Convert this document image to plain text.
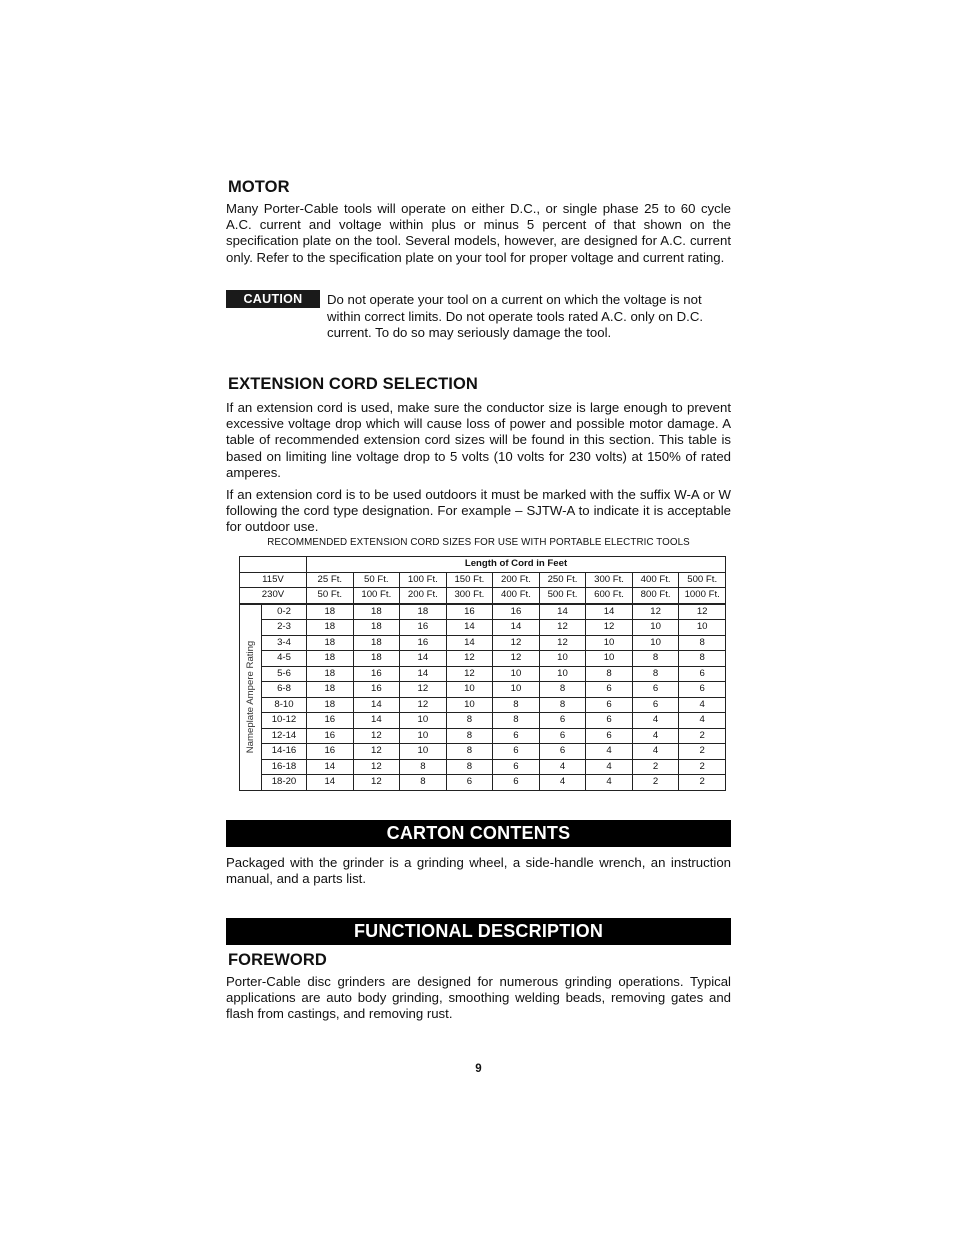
MOTOR

Many Porter-Cable tools will operate on either D.C., or single phase 25 to 60 cycle A.C. current and voltage within plus or minus 5 percent of that shown on the specification plate on the tool. Several models, however, are designed for A.C. current only. Refer to the specification plate on your tool for proper voltage and current rating.

CAUTION	Do not operate your tool on a current on which the voltage is not within correct limits. Do not operate tools rated A.C. only on D.C. current. To do so may seriously damage the tool.

EXTENSION CORD SELECTION

If an extension cord is used, make sure the conductor size is large enough to prevent excessive voltage drop which will cause loss of power and possible motor damage. A table of recommended extension cord sizes will be found in this section. This table is based on limiting line voltage drop to 5 volts (10 volts for 230 volts) at 150% of rated amperes.

If an extension cord is to be used outdoors it must be marked with the suffix W-A or W following the cord type designation. For example – SJTW-A to indicate it is acceptable for outdoor use.

RECOMMENDED EXTENSION CORD SIZES FOR USE WITH PORTABLE ELECTRIC TOOLS

		Length of Cord in Feet								
115V		25 Ft.	50 Ft.	100 Ft.	150 Ft.	200 Ft.	250 Ft.	300 Ft.	400 Ft.	500 Ft.
230V		50 Ft.	100 Ft.	200 Ft.	300 Ft.	400 Ft.	500 Ft.	600 Ft.	800 Ft.	1000 Ft.

Nameplate Ampere Rating	0-2	18	18	18	16	16	14	14	12	12
	2-3	18	18	16	14	14	12	12	10	10
	3-4	18	18	16	14	12	12	10	10	8
	4-5	18	18	14	12	12	10	10	8	8
	5-6	18	16	14	12	10	10	8	8	6
	6-8	18	16	12	10	10	8	6	6	6
	8-10	18	14	12	10	8	8	6	6	4
	10-12	16	14	10	8	8	6	6	4	4
	12-14	16	12	10	8	6	6	6	4	2
	14-16	16	12	10	8	6	6	4	4	2
	16-18	14	12	8	8	6	4	4	2	2
	18-20	14	12	8	6	6	4	4	2	2
CARTON CONTENTS

Packaged with the grinder is a grinding wheel, a side-handle wrench, an instruction manual, and a parts list.

FUNCTIONAL DESCRIPTION
FOREWORD

Porter-Cable disc grinders are designed for numerous grinding operations. Typical applications are auto body grinding, smoothing welding beads, removing gates and flash from castings, and removing rust.

9
